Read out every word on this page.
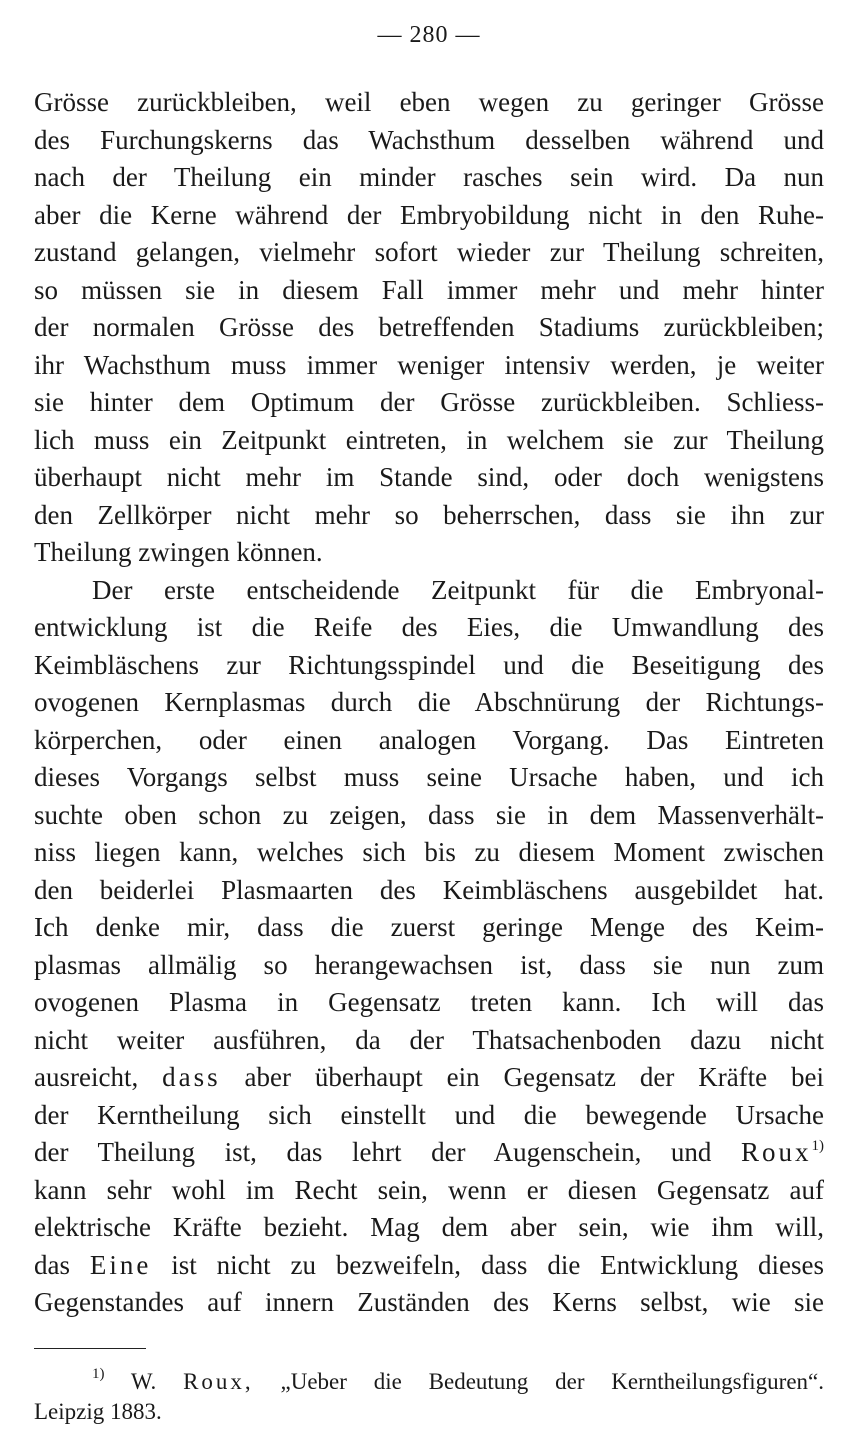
— 280 —
Grösse zurückbleiben, weil eben wegen zu geringer Grösse
des Furchungskerns das Wachsthum desselben während und
nach der Theilung ein minder rasches sein wird. Da nun
aber die Kerne während der Embryobildung nicht in den Ruhe-
zustand gelangen, vielmehr sofort wieder zur Theilung schreiten,
so müssen sie in diesem Fall immer mehr und mehr hinter
der normalen Grösse des betreffenden Stadiums zurückbleiben;
ihr Wachsthum muss immer weniger intensiv werden, je weiter
sie hinter dem Optimum der Grösse zurückbleiben. Schliess-
lich muss ein Zeitpunkt eintreten, in welchem sie zur Theilung
überhaupt nicht mehr im Stande sind, oder doch wenigstens
den Zellkörper nicht mehr so beherrschen, dass sie ihn zur
Theilung zwingen können.
Der erste entscheidende Zeitpunkt für die Embryonal-
entwicklung ist die Reife des Eies, die Umwandlung des
Keimbläschens zur Richtungsspindel und die Beseitigung des
ovogenen Kernplasmas durch die Abschnürung der Richtungs-
körperchen, oder einen analogen Vorgang. Das Eintreten
dieses Vorgangs selbst muss seine Ursache haben, und ich
suchte oben schon zu zeigen, dass sie in dem Massenverhält-
niss liegen kann, welches sich bis zu diesem Moment zwischen
den beiderlei Plasmaarten des Keimbläschens ausgebildet hat.
Ich denke mir, dass die zuerst geringe Menge des Keim-
plasmas allmälig so herangewachsen ist, dass sie nun zum
ovogenen Plasma in Gegensatz treten kann. Ich will das
nicht weiter ausführen, da der Thatsachenboden dazu nicht
ausreicht, dass aber überhaupt ein Gegensatz der Kräfte bei
der Kerntheilung sich einstellt und die bewegende Ursache
der Theilung ist, das lehrt der Augenschein, und Roux$^{1)}$
kann sehr wohl im Recht sein, wenn er diesen Gegensatz auf
elektrische Kräfte bezieht. Mag dem aber sein, wie ihm will,
das Eine ist nicht zu bezweifeln, dass die Entwicklung dieses
Gegenstandes auf innern Zuständen des Kerns selbst, wie sie
$^{1)}$ W. Roux, „Ueber die Bedeutung der Kerntheilungsfiguren“.
Leipzig 1883.
